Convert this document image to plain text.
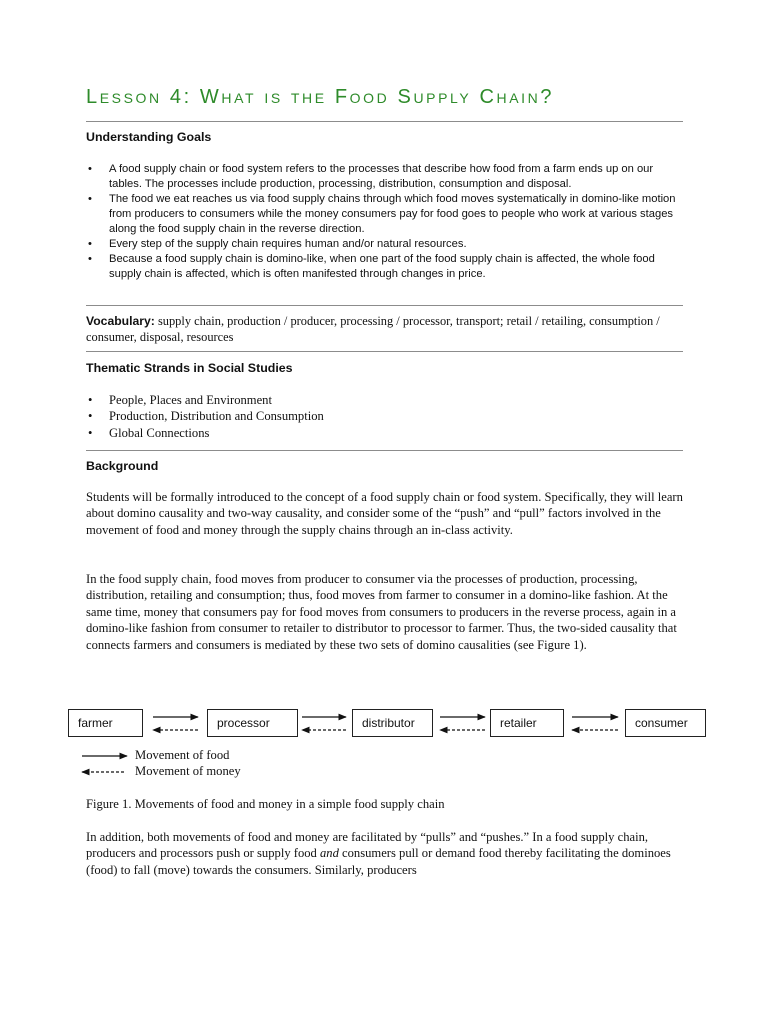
Lesson 4: What is the Food Supply Chain?
Understanding Goals
• A food supply chain or food system refers to the processes that describe how food from a farm ends up on our tables. The processes include production, processing, distribution, consumption and disposal.
• The food we eat reaches us via food supply chains through which food moves systematically in domino-like motion from producers to consumers while the money consumers pay for food goes to people who work at various stages along the food supply chain in the reverse direction.
• Every step of the supply chain requires human and/or natural resources.
• Because a food supply chain is domino-like, when one part of the food supply chain is affected, the whole food supply chain is affected, which is often manifested through changes in price.
Vocabulary: supply chain, production / producer, processing / processor, transport; retail / retailing, consumption / consumer, disposal, resources
Thematic Strands in Social Studies
• People, Places and Environment
• Production, Distribution and Consumption
• Global Connections
Background
Students will be formally introduced to the concept of a food supply chain or food system. Specifically, they will learn about domino causality and two-way causality, and consider some of the “push” and “pull” factors involved in the movement of food and money through the supply chains through an in-class activity.
In the food supply chain, food moves from producer to consumer via the processes of production, processing, distribution, retailing and consumption; thus, food moves from farmer to consumer in a domino-like fashion. At the same time, money that consumers pay for food moves from consumers to producers in the reverse process, again in a domino-like fashion from consumer to retailer to distributor to processor to farmer. Thus, the two-sided causality that connects farmers and consumers is mediated by these two sets of domino causalities (see Figure 1).
farmer	processor	distributor	retailer	consumer
Movement of food
Movement of money
Figure 1. Movements of food and money in a simple food supply chain
In addition, both movements of food and money are facilitated by “pulls” and “pushes.” In a food supply chain, producers and processors push or supply food and consumers pull or demand food thereby facilitating the dominoes (food) to fall (move) towards the consumers. Similarly, producers
